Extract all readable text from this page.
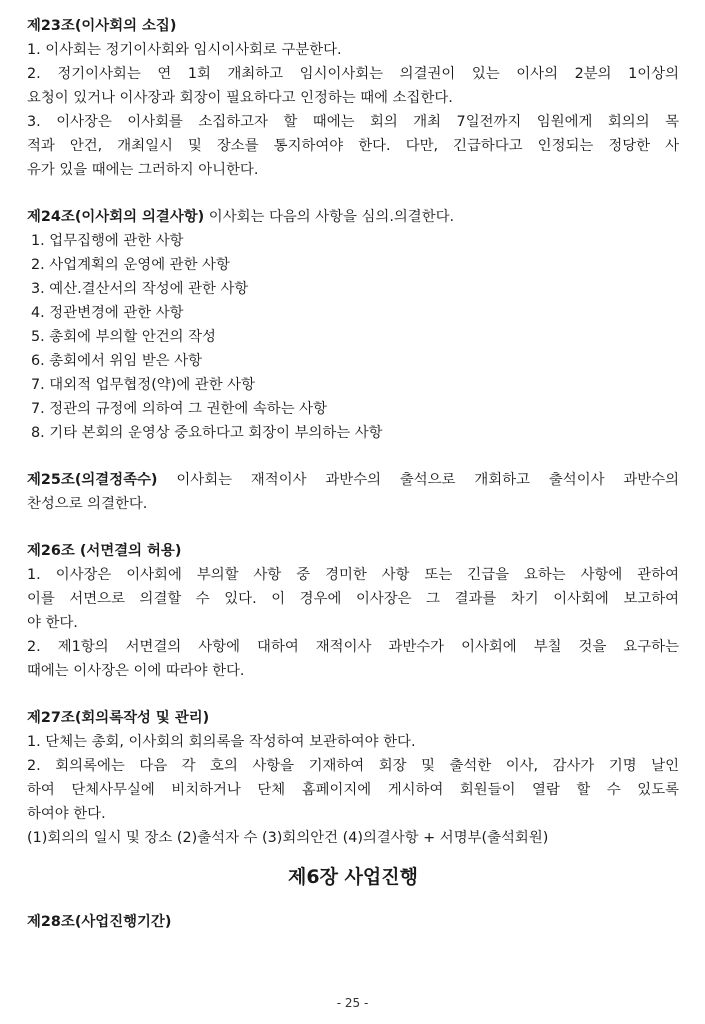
제23조(이사회의 소집)
1. 이사회는 정기이사회와 임시이사회로 구분한다.
2. 정기이사회는 연 1회 개최하고 임시이사회는 의결권이 있는 이사의 2분의 1이상의
요청이 있거나 이사장과 회장이 필요하다고 인정하는 때에 소집한다.
3. 이사장은 이사회를 소집하고자 할 때에는 회의 개최 7일전까지 임원에게 회의의 목
적과 안건, 개최일시 및 장소를 통지하여야 한다. 다만, 긴급하다고 인정되는 정당한 사
유가 있을 때에는 그러하지 아니한다.
제24조(이사회의 의결사항) 이사회는 다음의 사항을 심의.의결한다.
1. 업무집행에 관한 사항
2. 사업계획의 운영에 관한 사항
3. 예산.결산서의 작성에 관한 사항
4. 정관변경에 관한 사항
5. 총회에 부의할 안건의 작성
6. 총회에서 위임 받은 사항
7. 대외적 업무협정(약)에 관한 사항
7. 정관의 규정에 의하여 그 권한에 속하는 사항
8. 기타 본회의 운영상 중요하다고 회장이 부의하는 사항
제25조(의결정족수) 이사회는 재적이사 과반수의 출석으로 개회하고 출석이사 과반수의
찬성으로 의결한다.
제26조 (서면결의 허용)
1. 이사장은 이사회에 부의할 사항 중 경미한 사항 또는 긴급을 요하는 사항에 관하여
이를 서면으로 의결할 수 있다. 이 경우에 이사장은 그 결과를 차기 이사회에 보고하여
야 한다.
2. 제1항의 서면결의 사항에 대하여 재적이사 과반수가 이사회에 부칠 것을 요구하는
때에는 이사장은 이에 따라야 한다.
제27조(회의록작성 및 관리)
1. 단체는 총회, 이사회의 회의록을 작성하여 보관하여야 한다.
2. 회의록에는 다음 각 호의 사항을 기재하여 회장 및 출석한 이사, 감사가 기명 날인
하여 단체사무실에 비치하거나 단체 홈페이지에 게시하여 회원들이 열람 할 수 있도록
하여야 한다.
(1)회의의 일시 및 장소 (2)출석자 수 (3)회의안건 (4)의결사항 + 서명부(출석회원)
제6장 사업진행
제28조(사업진행기간)
- 25 -
